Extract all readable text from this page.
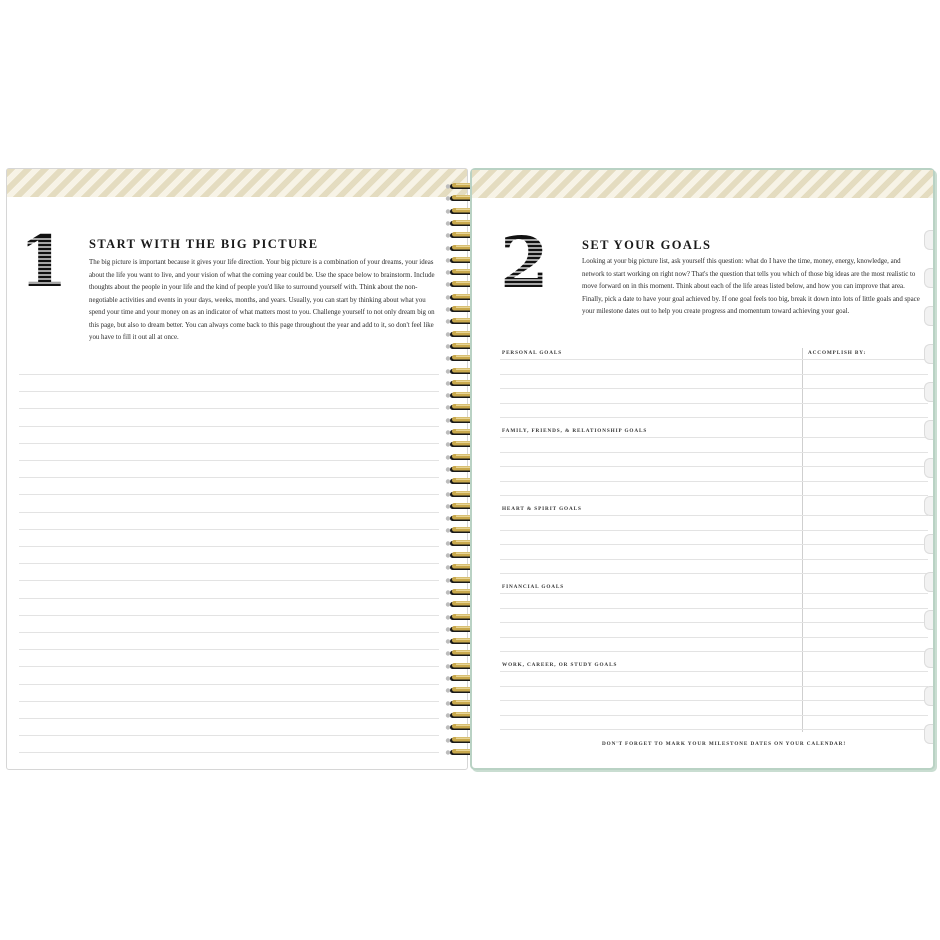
1 START WITH THE BIG PICTURE
The big picture is important because it gives your life direction. Your big picture is a combination of your dreams, your ideas about the life you want to live, and your vision of what the coming year could be. Use the space below to brainstorm. Include thoughts about the people in your life and the kind of people you'd like to surround yourself with. Think about the non-negotiable activities and events in your days, weeks, months, and years. Usually, you can start by thinking about what you spend your time and your money on as an indicator of what matters most to you. Challenge yourself to not only dream big on this page, but also to dream better. You can always come back to this page throughout the year and add to it, so don't feel like you have to fill it out all at once.
2	SET YOUR GOALS
Looking at your big picture list, ask yourself this question: what do I have the time, money, energy, knowledge, and network to start working on right now? That's the question that tells you which of those big ideas are the most realistic to move forward on in this moment. Think about each of the life areas listed below, and how you can improve that area. Finally, pick a date to have your goal achieved by. If one goal feels too big, break it down into lots of little goals and space your milestone dates out to help you create progress and momentum toward achieving your goal.
ACCOMPLISH BY:
PERSONAL GOALS
FAMILY, FRIENDS, & RELATIONSHIP GOALS
HEART & SPIRIT GOALS
FINANCIAL GOALS
WORK, CAREER, OR STUDY GOALS
DON'T FORGET TO MARK YOUR MILESTONE DATES ON YOUR CALENDAR!
